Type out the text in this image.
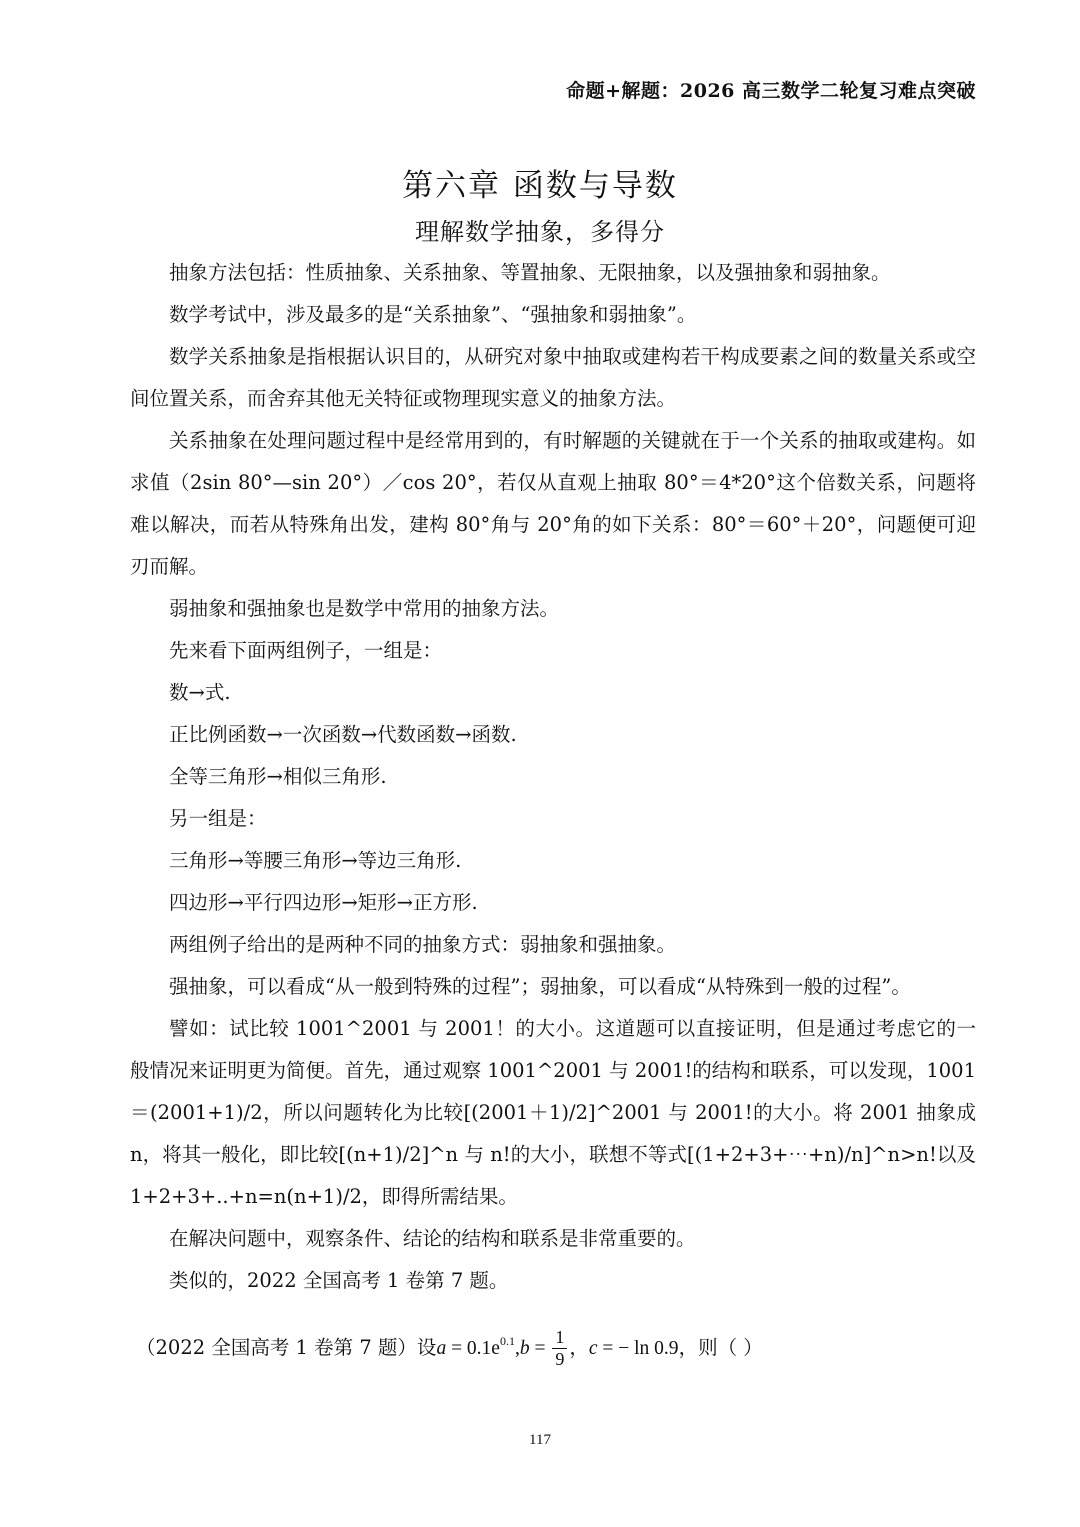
命题+解题：2026 高三数学二轮复习难点突破
第六章 函数与导数
理解数学抽象，多得分

抽象方法包括：性质抽象、关系抽象、等置抽象、无限抽象，以及强抽象和弱抽象。

数学考试中，涉及最多的是“关系抽象”、“强抽象和弱抽象”。

数学关系抽象是指根据认识目的，从研究对象中抽取或建构若干构成要素之间的数量关系或空间位置关系，而舍弃其他无关特征或物理现实意义的抽象方法。

关系抽象在处理问题过程中是经常用到的，有时解题的关键就在于一个关系的抽取或建构。如求值（2sin 80°—sin 20°）／cos 20°，若仅从直观上抽取 80°＝4*20°这个倍数关系，问题将难以解决，而若从特殊角出发，建构 80°角与 20°角的如下关系：80°＝60°＋20°，问题便可迎刃而解。

弱抽象和强抽象也是数学中常用的抽象方法。

先来看下面两组例子，一组是：

数→式.

正比例函数→一次函数→代数函数→函数.

全等三角形→相似三角形.

另一组是：

三角形→等腰三角形→等边三角形.

四边形→平行四边形→矩形→正方形.

两组例子给出的是两种不同的抽象方式：弱抽象和强抽象。

强抽象，可以看成“从一般到特殊的过程”；弱抽象，可以看成“从特殊到一般的过程”。

譬如：试比较 1001^2001 与 2001！的大小。这道题可以直接证明，但是通过考虑它的一般情况来证明更为简便。首先，通过观察 1001^2001 与 2001!的结构和联系，可以发现，1001＝(2001+1)/2，所以问题转化为比较[(2001＋1)/2]^2001 与 2001!的大小。将 2001 抽象成 n，将其一般化，即比较[(n+1)/2]^n 与 n!的大小，联想不等式[(1+2+3+⋯+n)/n]^n>n!以及 1+2+3+..+n=n(n+1)/2，即得所需结果。

在解决问题中，观察条件、结论的结构和联系是非常重要的。

类似的，2022 全国高考 1 卷第 7 题。

（2022 全国高考 1 卷第 7 题）设$a = 0.1e^{0.1},b = \frac{1}{9}$ ，c = − ln 0.9，则（ ）
117
